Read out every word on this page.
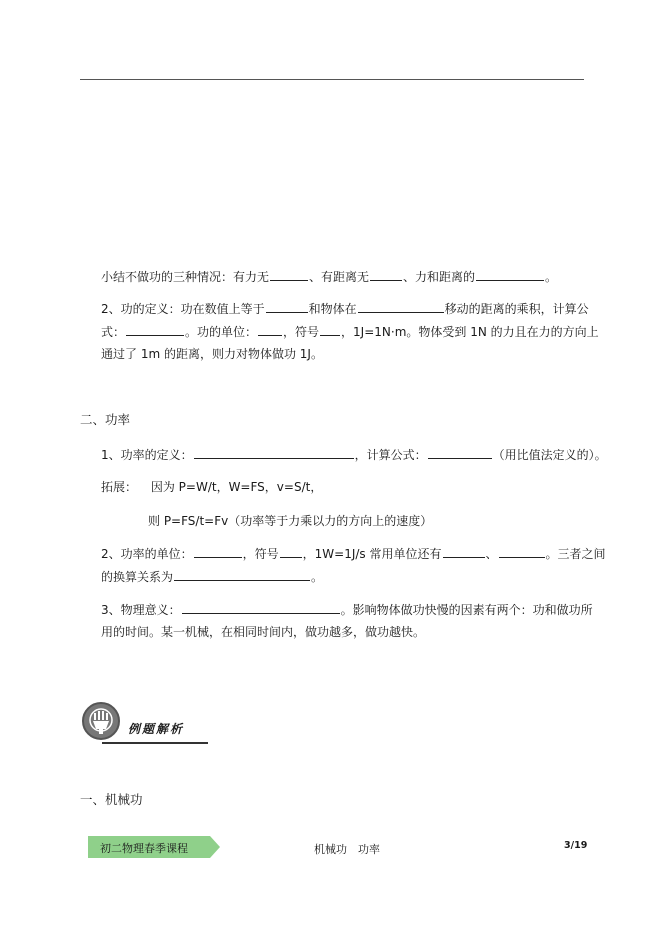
小结不做功的三种情况：有力无	、有距离无	、力和距离的	。
2、功的定义：功在数值上等于	和物体在	移动的距离的乘积，计算公
式：	。功的单位： ，符号 ，1J=1N·m。物体受到 1N 的力且在力的方向上
通过了 1m 的距离，则力对物体做功 1J。
二、功率
1、功率的定义：	，计算公式：	（用比值法定义的）。
拓展： 因为 P=W/t，W=FS，v=S/t，
则 P=FS/t=Fv（功率等于力乘以力的方向上的速度）
2、功率的单位：	，符号 ，1W=1J/s 常用单位还有	、	。三者之间
的换算关系为	。
3、物理意义：	。影响物体做功快慢的因素有两个：功和做功所
用的时间。某一机械，在相同时间内，做功越多，做功越快。
例题解析
一、机械功
初二物理春季课程	机械功　功率	3/19
